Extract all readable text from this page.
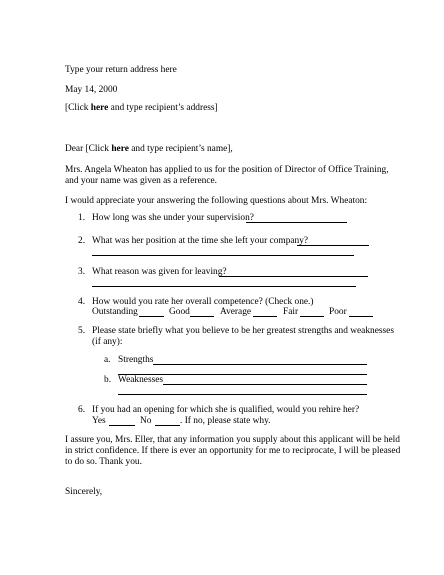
Type your return address here
May 14, 2000
[Click here and type recipient’s address]
Dear [Click here and type recipient’s name],
Mrs. Angela Wheaton has applied to us for the position of Director of Office Training,
and your name was given as a reference.
I would appreciate your answering the following questions about Mrs. Wheaton:
1. How long was she under your supervision?
2. What was her position at the time she left your company?
3. What reason was given for leaving?
4. How would you rate her overall competence? (Check one.)
Outstanding	Good	Average	Fair	Poor
5. Please state briefly what you believe to be her greatest strengths and weaknesses
(if any):
a. Strengths
b. Weaknesses
6. If you had an opening for which she is qualified, would you rehire her?
Yes	No	. If no, please state why.
I assure you, Mrs. Eller, that any information you supply about this applicant will be held
in strict confidence. If there is ever an opportunity for me to reciprocate, I will be pleased
to do so. Thank you.
Sincerely,
